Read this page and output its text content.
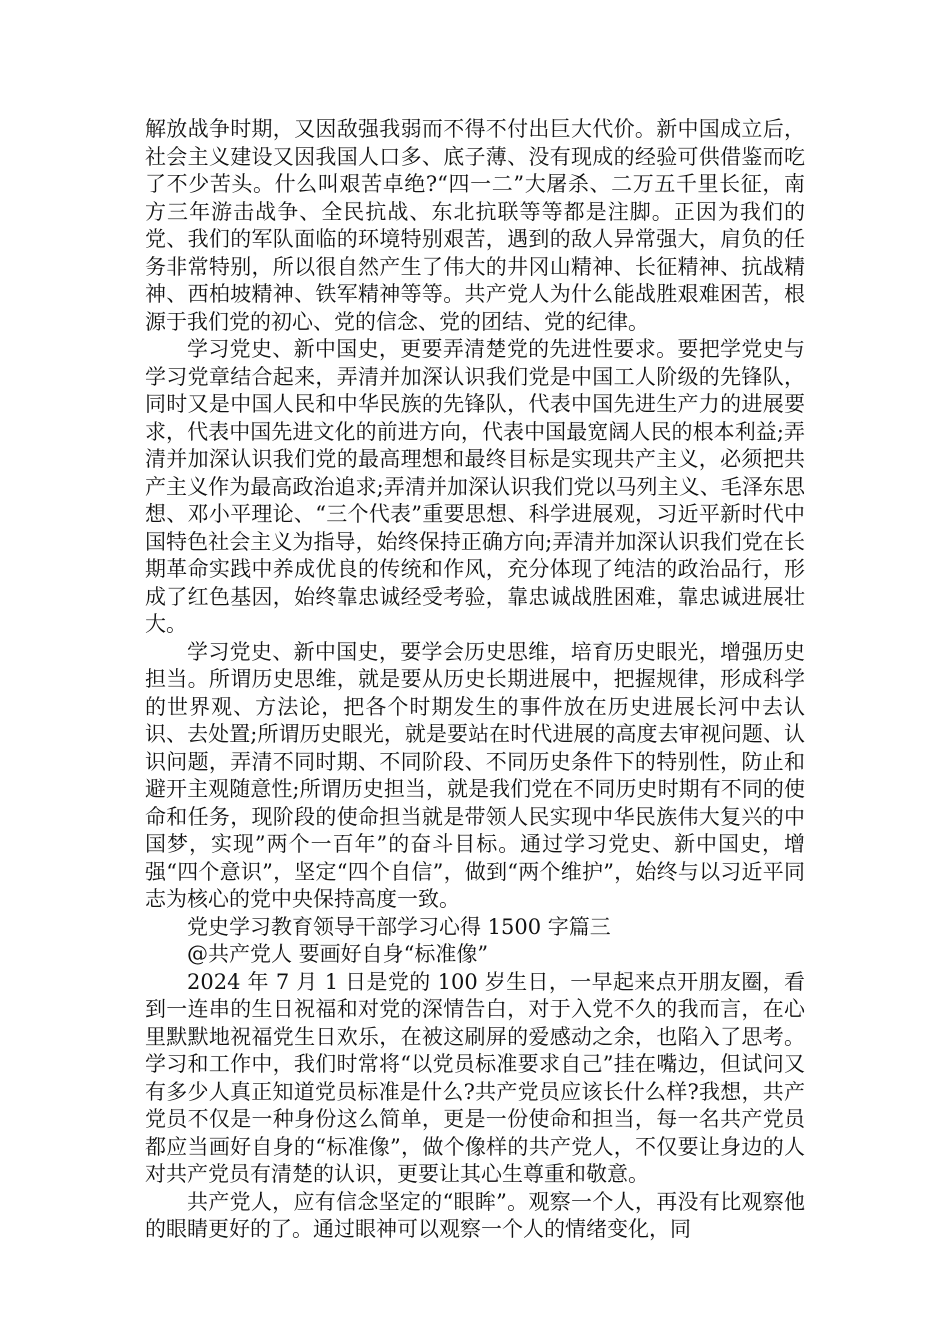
解放战争时期，又因敌强我弱而不得不付出巨大代价。新中国成立后，社会主义建设又因我国人口多、底子薄、没有现成的经验可供借鉴而吃了不少苦头。什么叫艰苦卓绝?“四一二”大屠杀、二万五千里长征，南方三年游击战争、全民抗战、东北抗联等等都是注脚。正因为我们的党、我们的军队面临的环境特别艰苦，遇到的敌人异常强大，肩负的任务非常特别，所以很自然产生了伟大的井冈山精神、长征精神、抗战精神、西柏坡精神、铁军精神等等。共产党人为什么能战胜艰难困苦，根源于我们党的初心、党的信念、党的团结、党的纪律。

学习党史、新中国史，更要弄清楚党的先进性要求。要把学党史与学习党章结合起来，弄清并加深认识我们党是中国工人阶级的先锋队，同时又是中国人民和中华民族的先锋队，代表中国先进生产力的进展要求，代表中国先进文化的前进方向，代表中国最宽阔人民的根本利益;弄清并加深认识我们党的最高理想和最终目标是实现共产主义，必须把共产主义作为最高政治追求;弄清并加深认识我们党以马列主义、毛泽东思想、邓小平理论、“三个代表”重要思想、科学进展观，习近平新时代中国特色社会主义为指导，始终保持正确方向;弄清并加深认识我们党在长期革命实践中养成优良的传统和作风，充分体现了纯洁的政治品行，形成了红色基因，始终靠忠诚经受考验，靠忠诚战胜困难，靠忠诚进展壮大。

学习党史、新中国史，要学会历史思维，培育历史眼光，增强历史担当。所谓历史思维，就是要从历史长期进展中，把握规律，形成科学的世界观、方法论，把各个时期发生的事件放在历史进展长河中去认识、去处置;所谓历史眼光，就是要站在时代进展的高度去审视问题、认识问题，弄清不同时期、不同阶段、不同历史条件下的特别性，防止和避开主观随意性;所谓历史担当，就是我们党在不同历史时期有不同的使命和任务，现阶段的使命担当就是带领人民实现中华民族伟大复兴的中国梦，实现”两个一百年”的奋斗目标。通过学习党史、新中国史，增强“四个意识”，坚定“四个自信”，做到“两个维护”，始终与以习近平同志为核心的党中央保持高度一致。

党史学习教育领导干部学习心得 1500 字篇三

@共产党人 要画好自身“标准像”

2024 年 7 月 1 日是党的 100 岁生日，一早起来点开朋友圈，看到一连串的生日祝福和对党的深情告白，对于入党不久的我而言，在心里默默地祝福党生日欢乐，在被这刷屏的爱感动之余，也陷入了思考。学习和工作中，我们时常将“以党员标准要求自己”挂在嘴边，但试问又有多少人真正知道党员标准是什么?共产党员应该长什么样?我想，共产党员不仅是一种身份这么简单，更是一份使命和担当，每一名共产党员都应当画好自身的“标准像”，做个像样的共产党人，不仅要让身边的人对共产党员有清楚的认识，更要让其心生尊重和敬意。

共产党人，应有信念坚定的“眼眸”。观察一个人，再没有比观察他的眼睛更好的了。通过眼神可以观察一个人的情绪变化，同
